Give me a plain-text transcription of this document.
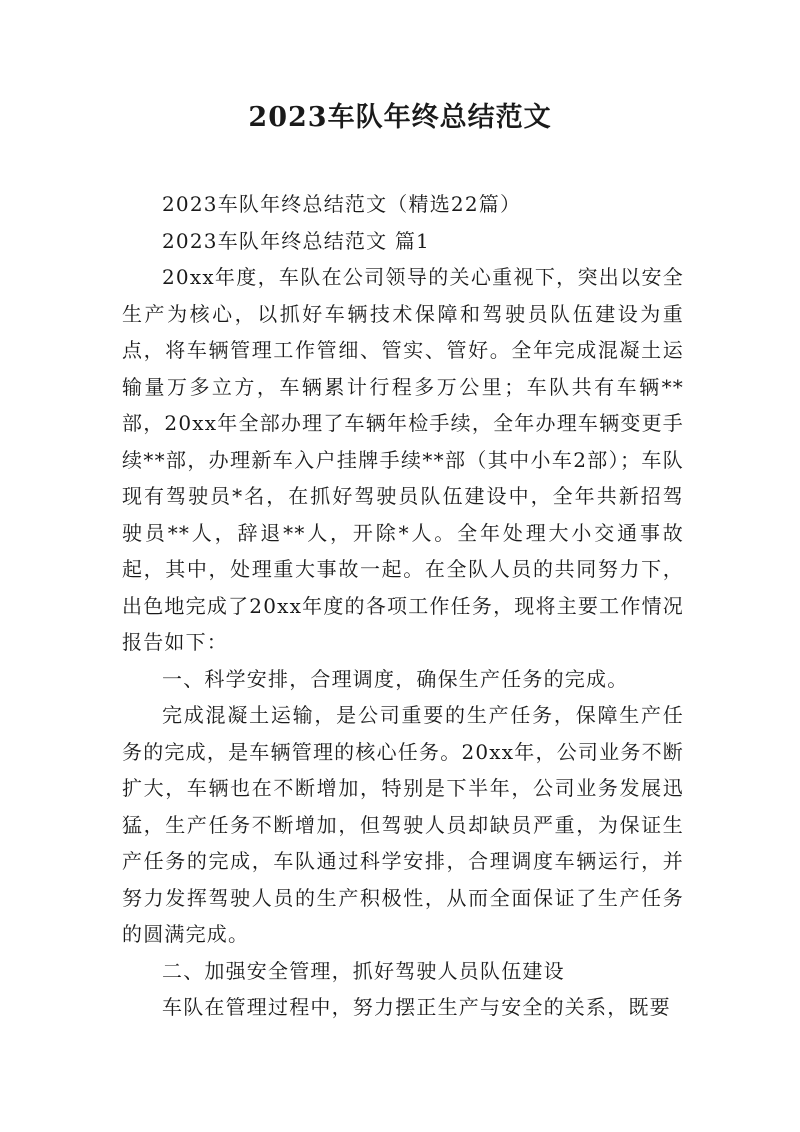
2023车队年终总结范文

2023车队年终总结范文（精选22篇）

2023车队年终总结范文 篇1

20xx年度，车队在公司领导的关心重视下，突出以安全生产为核心，以抓好车辆技术保障和驾驶员队伍建设为重点，将车辆管理工作管细、管实、管好。全年完成混凝土运输量万多立方，车辆累计行程多万公里；车队共有车辆**部，20xx年全部办理了车辆年检手续，全年办理车辆变更手续**部，办理新车入户挂牌手续**部（其中小车2部）；车队现有驾驶员*名，在抓好驾驶员队伍建设中，全年共新招驾驶员**人，辞退**人，开除*人。全年处理大小交通事故起，其中，处理重大事故一起。在全队人员的共同努力下，出色地完成了20xx年度的各项工作任务，现将主要工作情况报告如下：

一、科学安排，合理调度，确保生产任务的完成。

完成混凝土运输，是公司重要的生产任务，保障生产任务的完成，是车辆管理的核心任务。20xx年，公司业务不断扩大，车辆也在不断增加，特别是下半年，公司业务发展迅猛，生产任务不断增加，但驾驶人员却缺员严重，为保证生产任务的完成，车队通过科学安排，合理调度车辆运行，并努力发挥驾驶人员的生产积极性，从而全面保证了生产任务的圆满完成。

二、加强安全管理，抓好驾驶人员队伍建设

车队在管理过程中，努力摆正生产与安全的关系，既要
